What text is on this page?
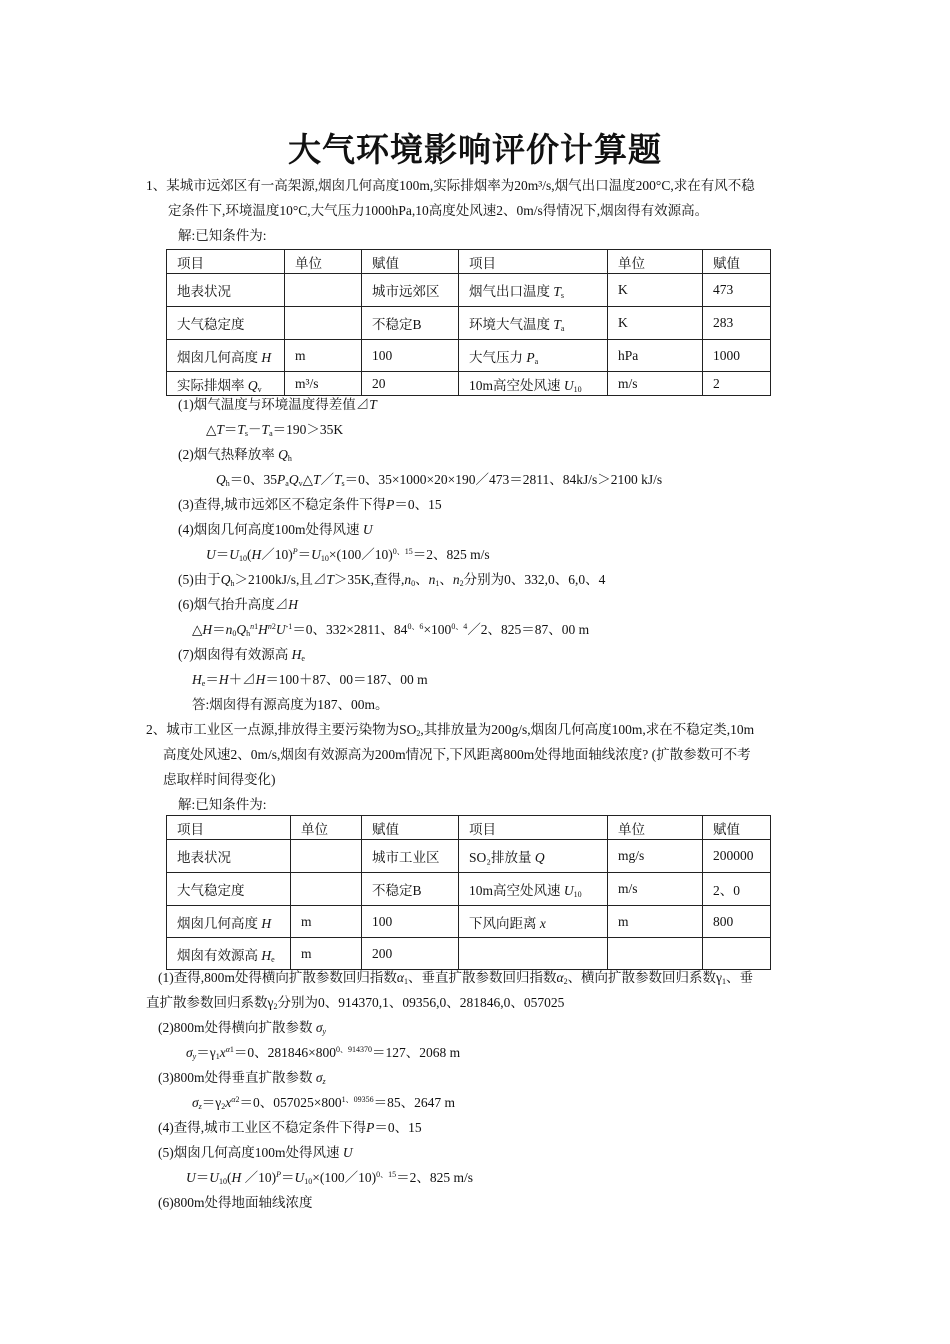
大气环境影响评价计算题
1、某城市远郊区有一高架源,烟囱几何高度100m,实际排烟率为20m³/s,烟气出口温度200°C,求在有风不稳
定条件下,环境温度10°C,大气压力1000hPa,10高度处风速2、0m/s得情况下,烟囱得有效源高。
解:已知条件为:
项目	单位	赋值	项目	单位	赋值
地表状况		城市远郊区	烟气出口温度 $T_s$	K	473
大气稳定度		不稳定B	环境大气温度 $T_a$	K	283
烟囱几何高度 H	m	100	大气压力 $P_a$	hPa	1000
实际排烟率 $Q_v$	m³/s	20	10m高空处风速 $U_{10}$	m/s	2
(1)烟气温度与环境温度得差值⊿T
$\triangle T=T_s-T_a=190>35K$
(2)烟气热释放率 $Q_h$
$Q_h=0$、$35P_aQ_v\triangle T/T_s=0$、35×1000×20×190／473＝2811、84kJ/s＞2100 kJ/s
(3)查得,城市远郊区不稳定条件下得P＝0、15
(4)烟囱几何高度100m处得风速 U
$U=U_{10}(H/10)^P=U_{10}\times(100/10)^{0、15}=2$、825 m/s
(5)由于$Q_h>2100kJ/s$,且⊿T＞35K,查得$,n_0$、$n_1$、$n_2$分别为0、332,0、6,0、4
(6)烟气抬升高度⊿H
$\triangle H=n_0Q_h^{n1}H^{n2}U^{-1}=0$、332×2811、$84^{0、6}\times 100^{0、4}/2$、825＝87、00 m
(7)烟囱得有效源高 $H_e$
$H_e=H+⊿H=100+87$、00＝187、00 m
答:烟囱得有源高度为187、00m。
2、城市工业区一点源,排放得主要污染物为$SO_2$,其排放量为200g/s,烟囱几何高度100m,求在不稳定类,10m
高度处风速2、0m/s,烟囱有效源高为200m情况下,下风距离800m处得地面轴线浓度? (扩散参数可不考
虑取样时间得变化)
解:已知条件为:
项目	单位	赋值	项目	单位	赋值
地表状况		城市工业区	SO₂排放量 Q	mg/s	200000
大气稳定度		不稳定B	10m高空处风速 $U_{10}$	m/s	2、0
烟囱几何高度 H	m	100	下风向距离 x	m	800
烟囱有效源高 $H_e$	m	200			
(1)查得,800m处得横向扩散参数回归指数$\alpha_1$、垂直扩散参数回归指数$\alpha_2$、横向扩散参数回归系数$\gamma_1$、垂
直扩散参数回归系数$\gamma_2$分别为0、914370,1、09356,0、281846,0、057025
(2)800m处得横向扩散参数 $\sigma_y$
$\sigma_y=\gamma_1x^{\alpha 1}=0$、$281846\times 800^{0、914370}=127$、2068 m
(3)800m处得垂直扩散参数 $\sigma_z$
$\sigma_z=\gamma_2x^{\alpha 2}=0$、$057025\times 800^{1、09356}=85$、2647 m
(4)查得,城市工业区不稳定条件下得P＝0、15
(5)烟囱几何高度100m处得风速 U
$U=U_{10}(H$ $/10)^P=U_{10}\times(100/10)^{0、15}=2$、825 m/s
(6)800m处得地面轴线浓度
